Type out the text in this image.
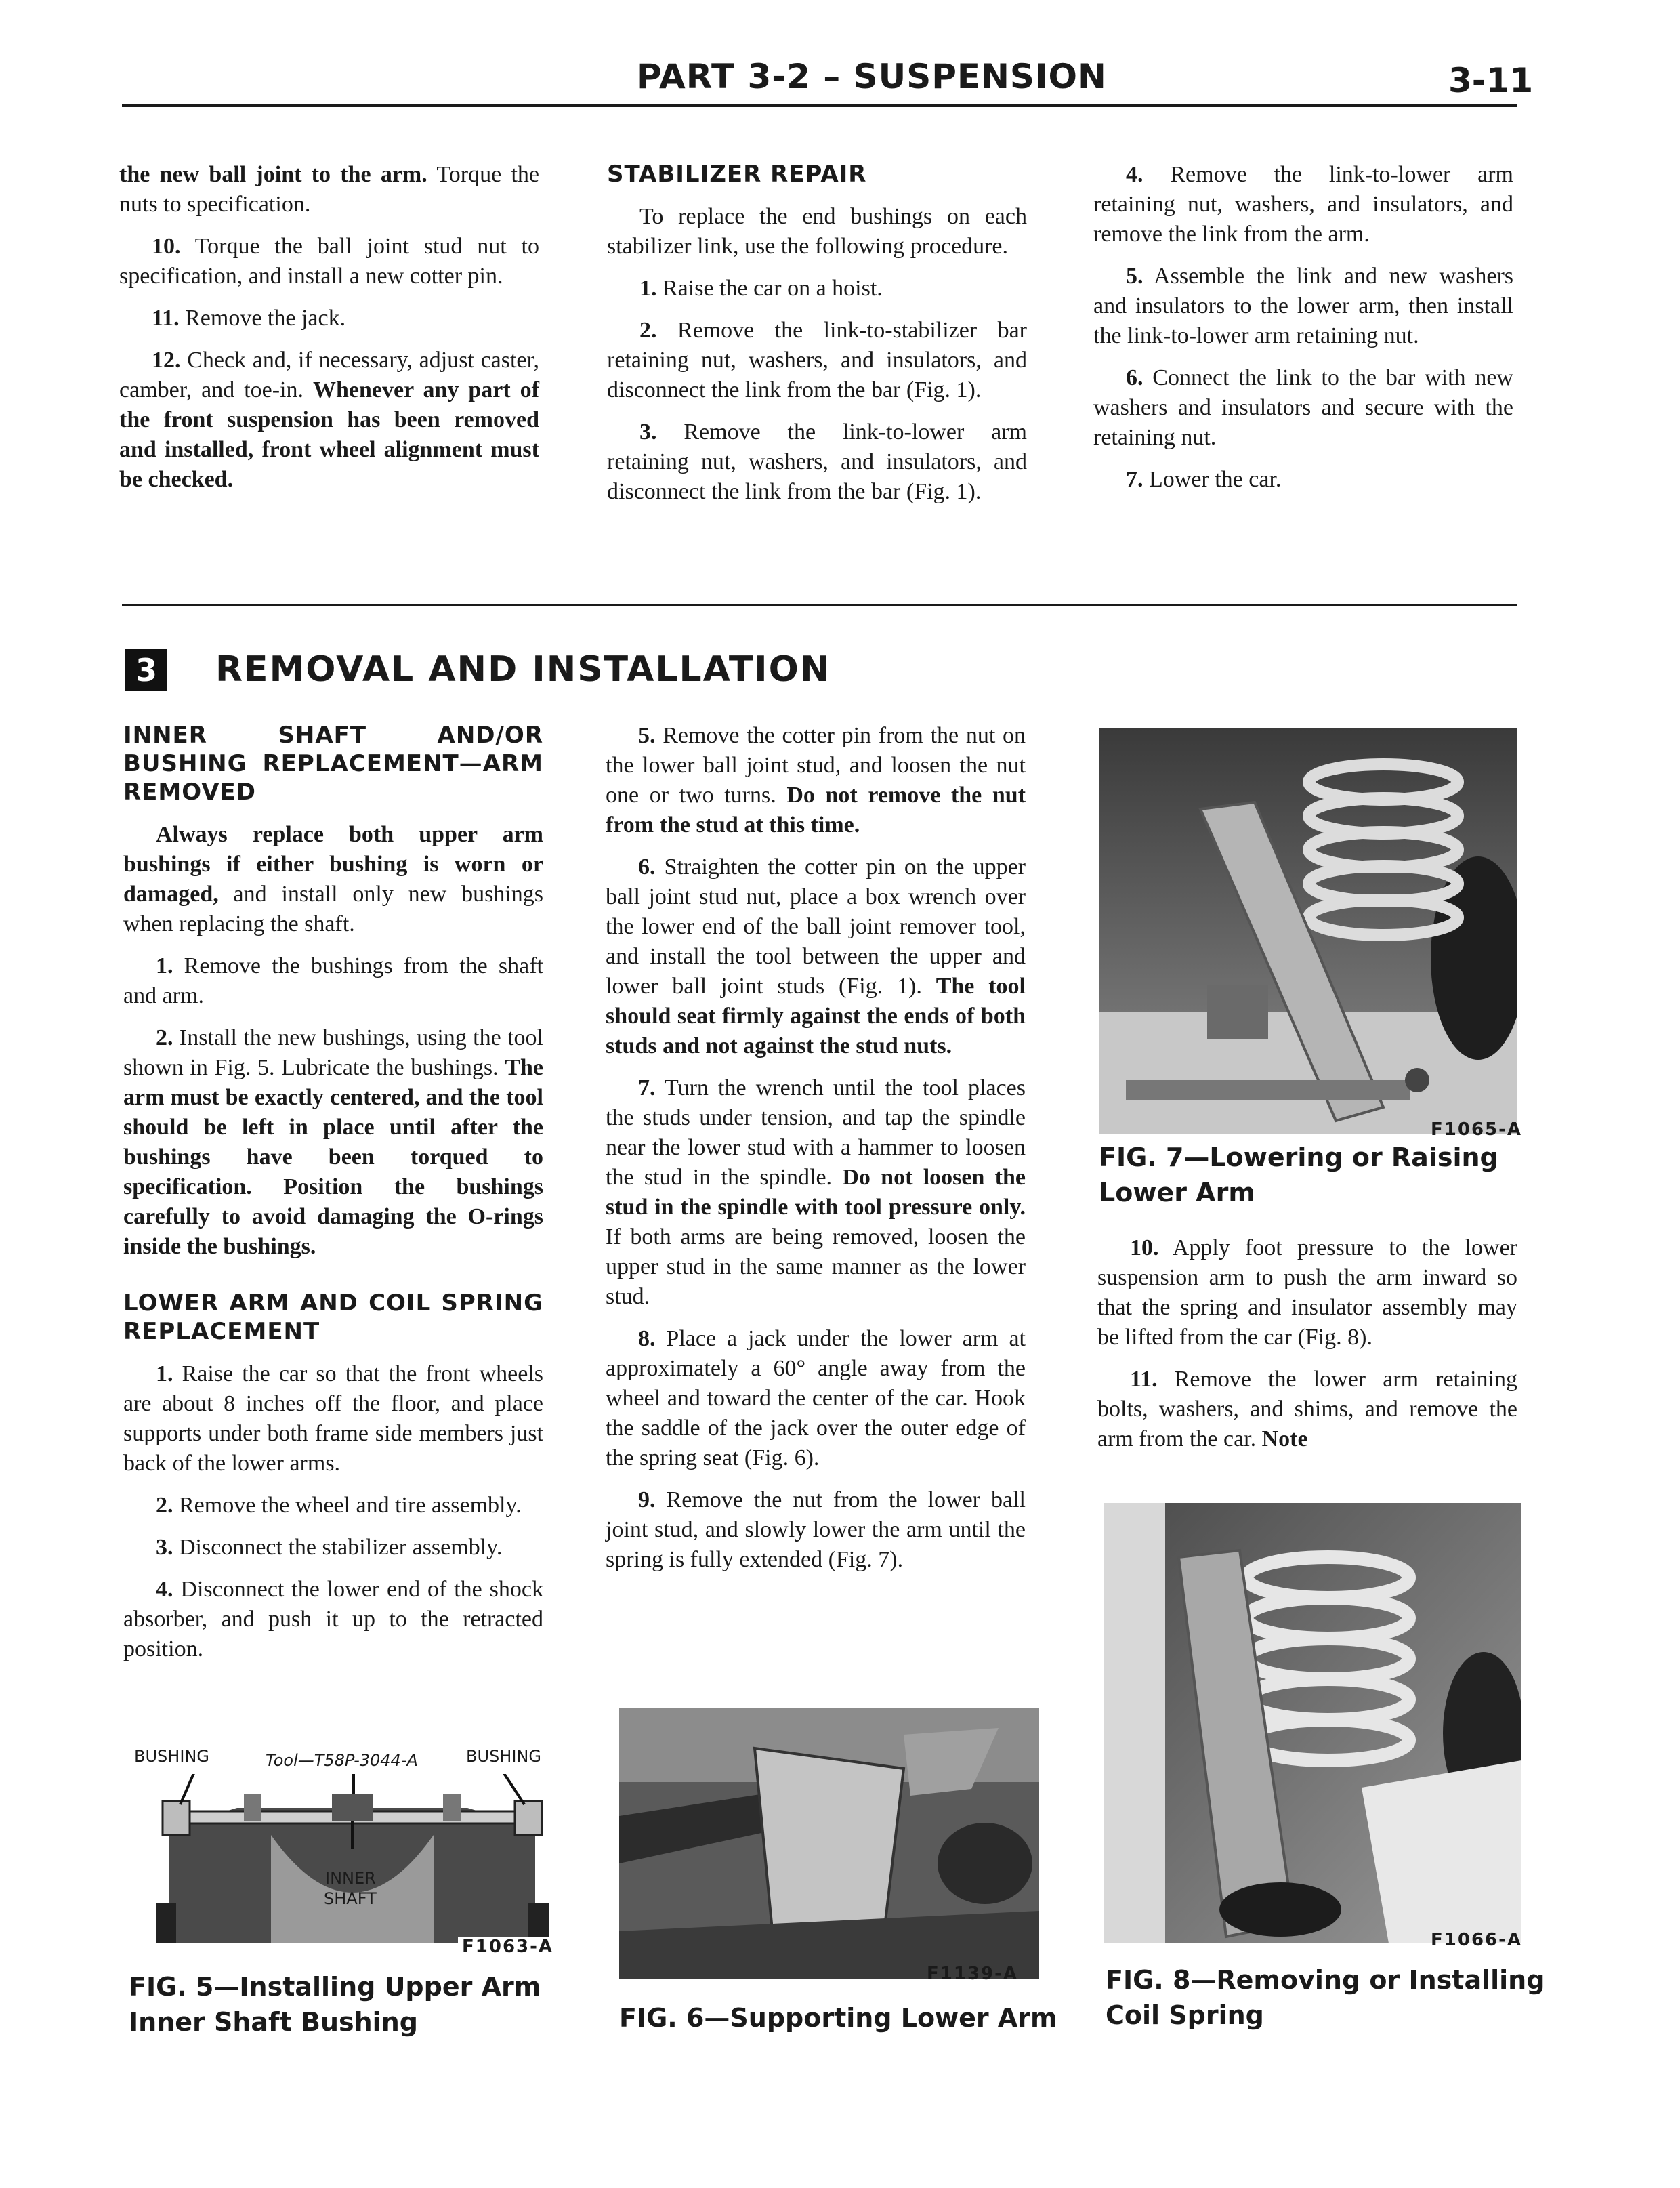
PART 3-2 – SUSPENSION	3-11

the new ball joint to the arm. Torque the nuts to specification.

10. Torque the ball joint stud nut to specification, and install a new cotter pin.

11. Remove the jack.

12. Check and, if necessary, adjust caster, camber, and toe-in. Whenever any part of the front suspension has been removed and installed, front wheel alignment must be checked.

STABILIZER REPAIR

To replace the end bushings on each stabilizer link, use the following procedure.

1. Raise the car on a hoist.

2. Remove the link-to-stabilizer bar retaining nut, washers, and insulators, and disconnect the link from the bar (Fig. 1).

3. Remove the link-to-lower arm retaining nut, washers, and insulators, and disconnect the link from the bar (Fig. 1).

4. Remove the link-to-lower arm retaining nut, washers, and insulators, and remove the link from the arm.

5. Assemble the link and new washers and insulators to the lower arm, then install the link-to-lower arm retaining nut.

6. Connect the link to the bar with new washers and insulators and secure with the retaining nut.

7. Lower the car.

3 REMOVAL AND INSTALLATION
INNER SHAFT AND/OR BUSHING REPLACEMENT—ARM REMOVED

Always replace both upper arm bushings if either bushing is worn or damaged, and install only new bushings when replacing the shaft.

1. Remove the bushings from the shaft and arm.

2. Install the new bushings, using the tool shown in Fig. 5. Lubricate the bushings. The arm must be exactly centered, and the tool should be left in place until after the bushings have been torqued to specification. Position the bushings carefully to avoid damaging the O-rings inside the bushings.

LOWER ARM AND COIL SPRING REPLACEMENT

1. Raise the car so that the front wheels are about 8 inches off the floor, and place supports under both frame side members just back of the lower arms.

2. Remove the wheel and tire assembly.

3. Disconnect the stabilizer assembly.

4. Disconnect the lower end of the shock absorber, and push it up to the retracted position.

5. Remove the cotter pin from the nut on the lower ball joint stud, and loosen the nut one or two turns. Do not remove the nut from the stud at this time.

6. Straighten the cotter pin on the upper ball joint stud nut, place a box wrench over the lower end of the ball joint remover tool, and install the tool between the upper and lower ball joint studs (Fig. 1). The tool should seat firmly against the ends of both studs and not against the stud nuts.

7. Turn the wrench until the tool places the studs under tension, and tap the spindle near the lower stud with a hammer to loosen the stud in the spindle. Do not loosen the stud in the spindle with tool pressure only. If both arms are being removed, loosen the upper stud in the same manner as the lower stud.

8. Place a jack under the lower arm at approximately a 60° angle away from the wheel and toward the center of the car. Hook the saddle of the jack over the outer edge of the spring seat (Fig. 6).

9. Remove the nut from the lower ball joint stud, and slowly lower the arm until the spring is fully extended (Fig. 7).

10. Apply foot pressure to the lower suspension arm to push the arm inward so that the spring and insulator assembly may be lifted from the car (Fig. 8).

11. Remove the lower arm retaining bolts, washers, and shims, and remove the arm from the car. Note

F1065-A
FIG. 7—Lowering or Raising
Lower Arm
F1066-A
FIG. 8—Removing or Installing
Coil Spring
F1139-A
FIG. 6—Supporting Lower Arm
BUSHING	Tool—T58P-3044-A	BUSHING
INNER
SHAFT
F1063-A
FIG. 5—Installing Upper Arm
Inner Shaft Bushing
